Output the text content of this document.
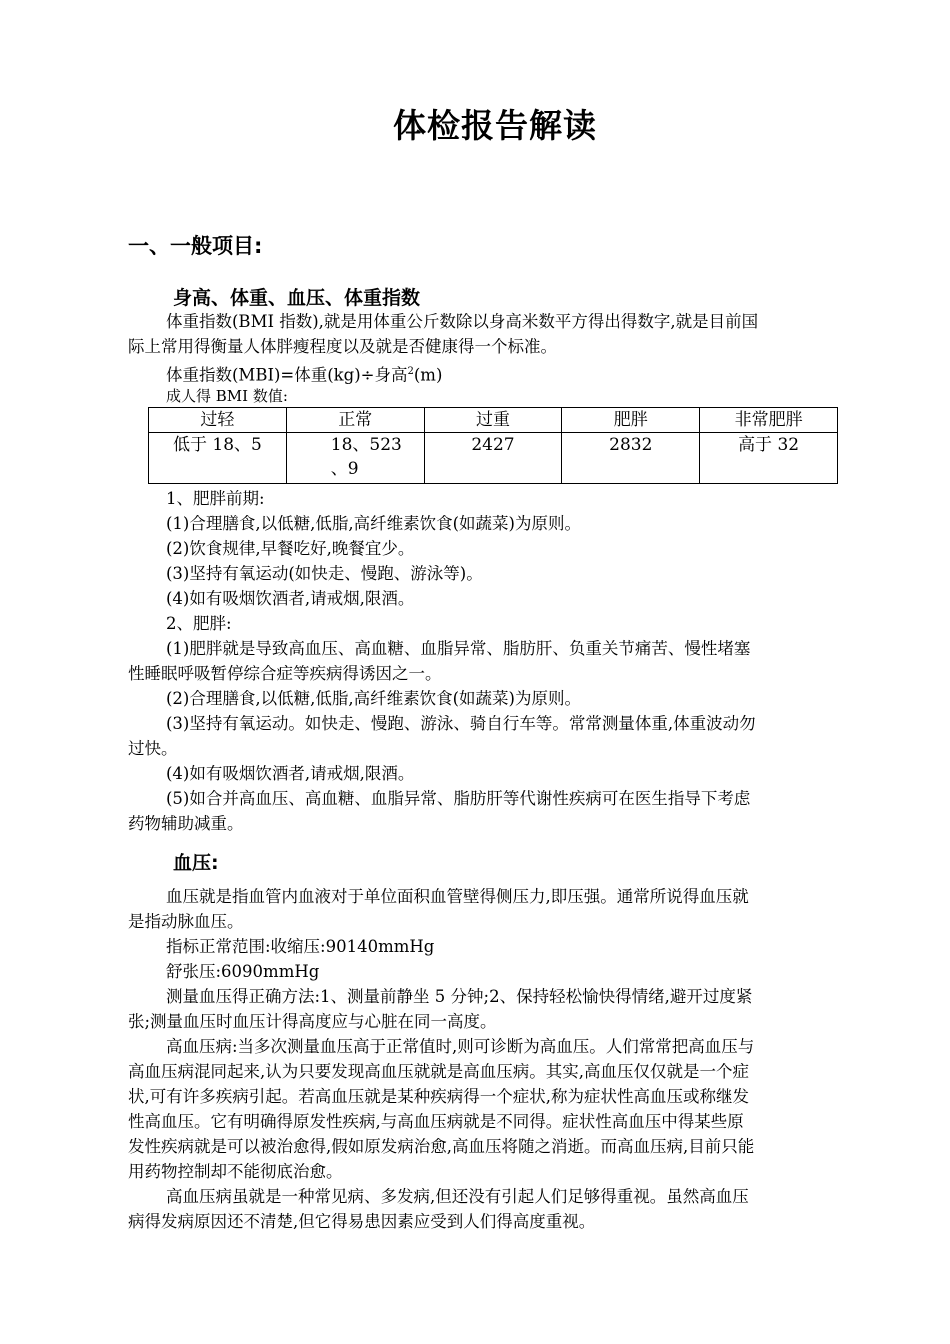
体检报告解读
一、一般项目:
身高、体重、血压、体重指数

体重指数(BMI 指数),就是用体重公斤数除以身高米数平方得出得数字,就是目前国
际上常用得衡量人体胖瘦程度以及就是否健康得一个标准。

体重指数(MBI)=体重(kg)÷身高$^2$(m)

成人得 BMI 数值:

过轻	正常	过重	肥胖	非常肥胖
低于 18、5	18、523
、9	2427	2832	高于 32

1、肥胖前期:

(1)合理膳食,以低糖,低脂,高纤维素饮食(如蔬菜)为原则。

(2)饮食规律,早餐吃好,晚餐宜少。

(3)坚持有氧运动(如快走、慢跑、游泳等)。

(4)如有吸烟饮酒者,请戒烟,限酒。

2、肥胖:

(1)肥胖就是导致高血压、高血糖、血脂异常、脂肪肝、负重关节痛苦、慢性堵塞
性睡眠呼吸暂停综合症等疾病得诱因之一。

(2)合理膳食,以低糖,低脂,高纤维素饮食(如蔬菜)为原则。

(3)坚持有氧运动。如快走、慢跑、游泳、骑自行车等。常常测量体重,体重波动勿
过快。

(4)如有吸烟饮酒者,请戒烟,限酒。

(5)如合并高血压、高血糖、血脂异常、脂肪肝等代谢性疾病可在医生指导下考虑
药物辅助减重。

血压:

血压就是指血管内血液对于单位面积血管壁得侧压力,即压强。通常所说得血压就
是指动脉血压。

指标正常范围:收缩压:90140mmHg

舒张压:6090mmHg

测量血压得正确方法:1、测量前静坐 5 分钟;2、保持轻松愉快得情绪,避开过度紧
张;测量血压时血压计得高度应与心脏在同一高度。

高血压病:当多次测量血压高于正常值时,则可诊断为高血压。人们常常把高血压与
高血压病混同起来,认为只要发现高血压就就是高血压病。其实,高血压仅仅就是一个症
状,可有许多疾病引起。若高血压就是某种疾病得一个症状,称为症状性高血压或称继发
性高血压。它有明确得原发性疾病,与高血压病就是不同得。症状性高血压中得某些原
发性疾病就是可以被治愈得,假如原发病治愈,高血压将随之消逝。而高血压病,目前只能
用药物控制却不能彻底治愈。

高血压病虽就是一种常见病、多发病,但还没有引起人们足够得重视。虽然高血压
病得发病原因还不清楚,但它得易患因素应受到人们得高度重视。
